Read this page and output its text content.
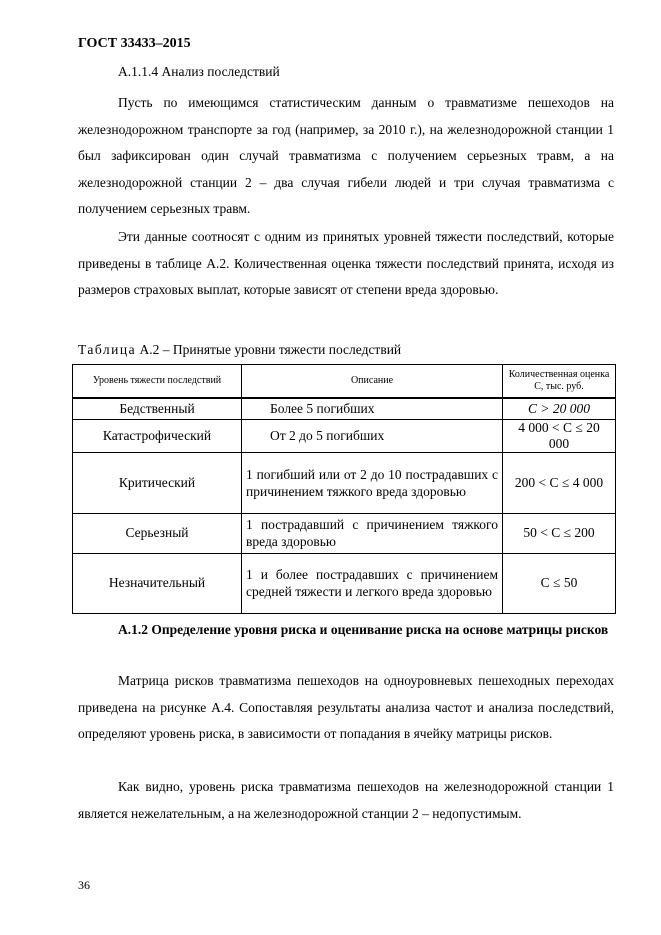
ГОСТ 33433–2015
А.1.1.4 Анализ последствий

Пусть по имеющимся статистическим данным о травматизме пешеходов на железнодорожном транспорте за год (например, за 2010 г.), на железнодорожной станции 1 был зафиксирован один случай травматизма с получением серьезных травм, а на железнодорожной станции 2 – два случая гибели людей и три случая травматизма с получением серьезных травм.

Эти данные соотносят с одним из принятых уровней тяжести последствий, которые приведены в таблице А.2. Количественная оценка тяжести последствий принята, исходя из размеров страховых выплат, которые зависят от степени вреда здоровью.

Таблица А.2 – Принятые уровни тяжести последствий
Уровень тяжести последствий	Описание	Количественная оценка С, тыс. руб.
Бедственный	Более 5 погибших	С > 20 000
Катастрофический	От 2 до 5 погибших	4 000 < С ≤ 20 000
Критический	1 погибший или от 2 до 10 пострадавших с причинением тяжкого вреда здоровью	200 < С ≤ 4 000
Серьезный	1 пострадавший с причинением тяжкого вреда здоровью	50 < С ≤ 200
Незначительный	1 и более пострадавших с причинением средней тяжести и легкого вреда здоровью	С ≤ 50

А.1.2 Определение уровня риска и оценивание риска на основе матрицы рисков

Матрица рисков травматизма пешеходов на одноуровневых пешеходных переходах приведена на рисунке А.4. Сопоставляя результаты анализа частот и анализа последствий, определяют уровень риска, в зависимости от попадания в ячейку матрицы рисков.

Как видно, уровень риска травматизма пешеходов на железнодорожной станции 1 является нежелательным, а на железнодорожной станции 2 – недопустимым.

36
